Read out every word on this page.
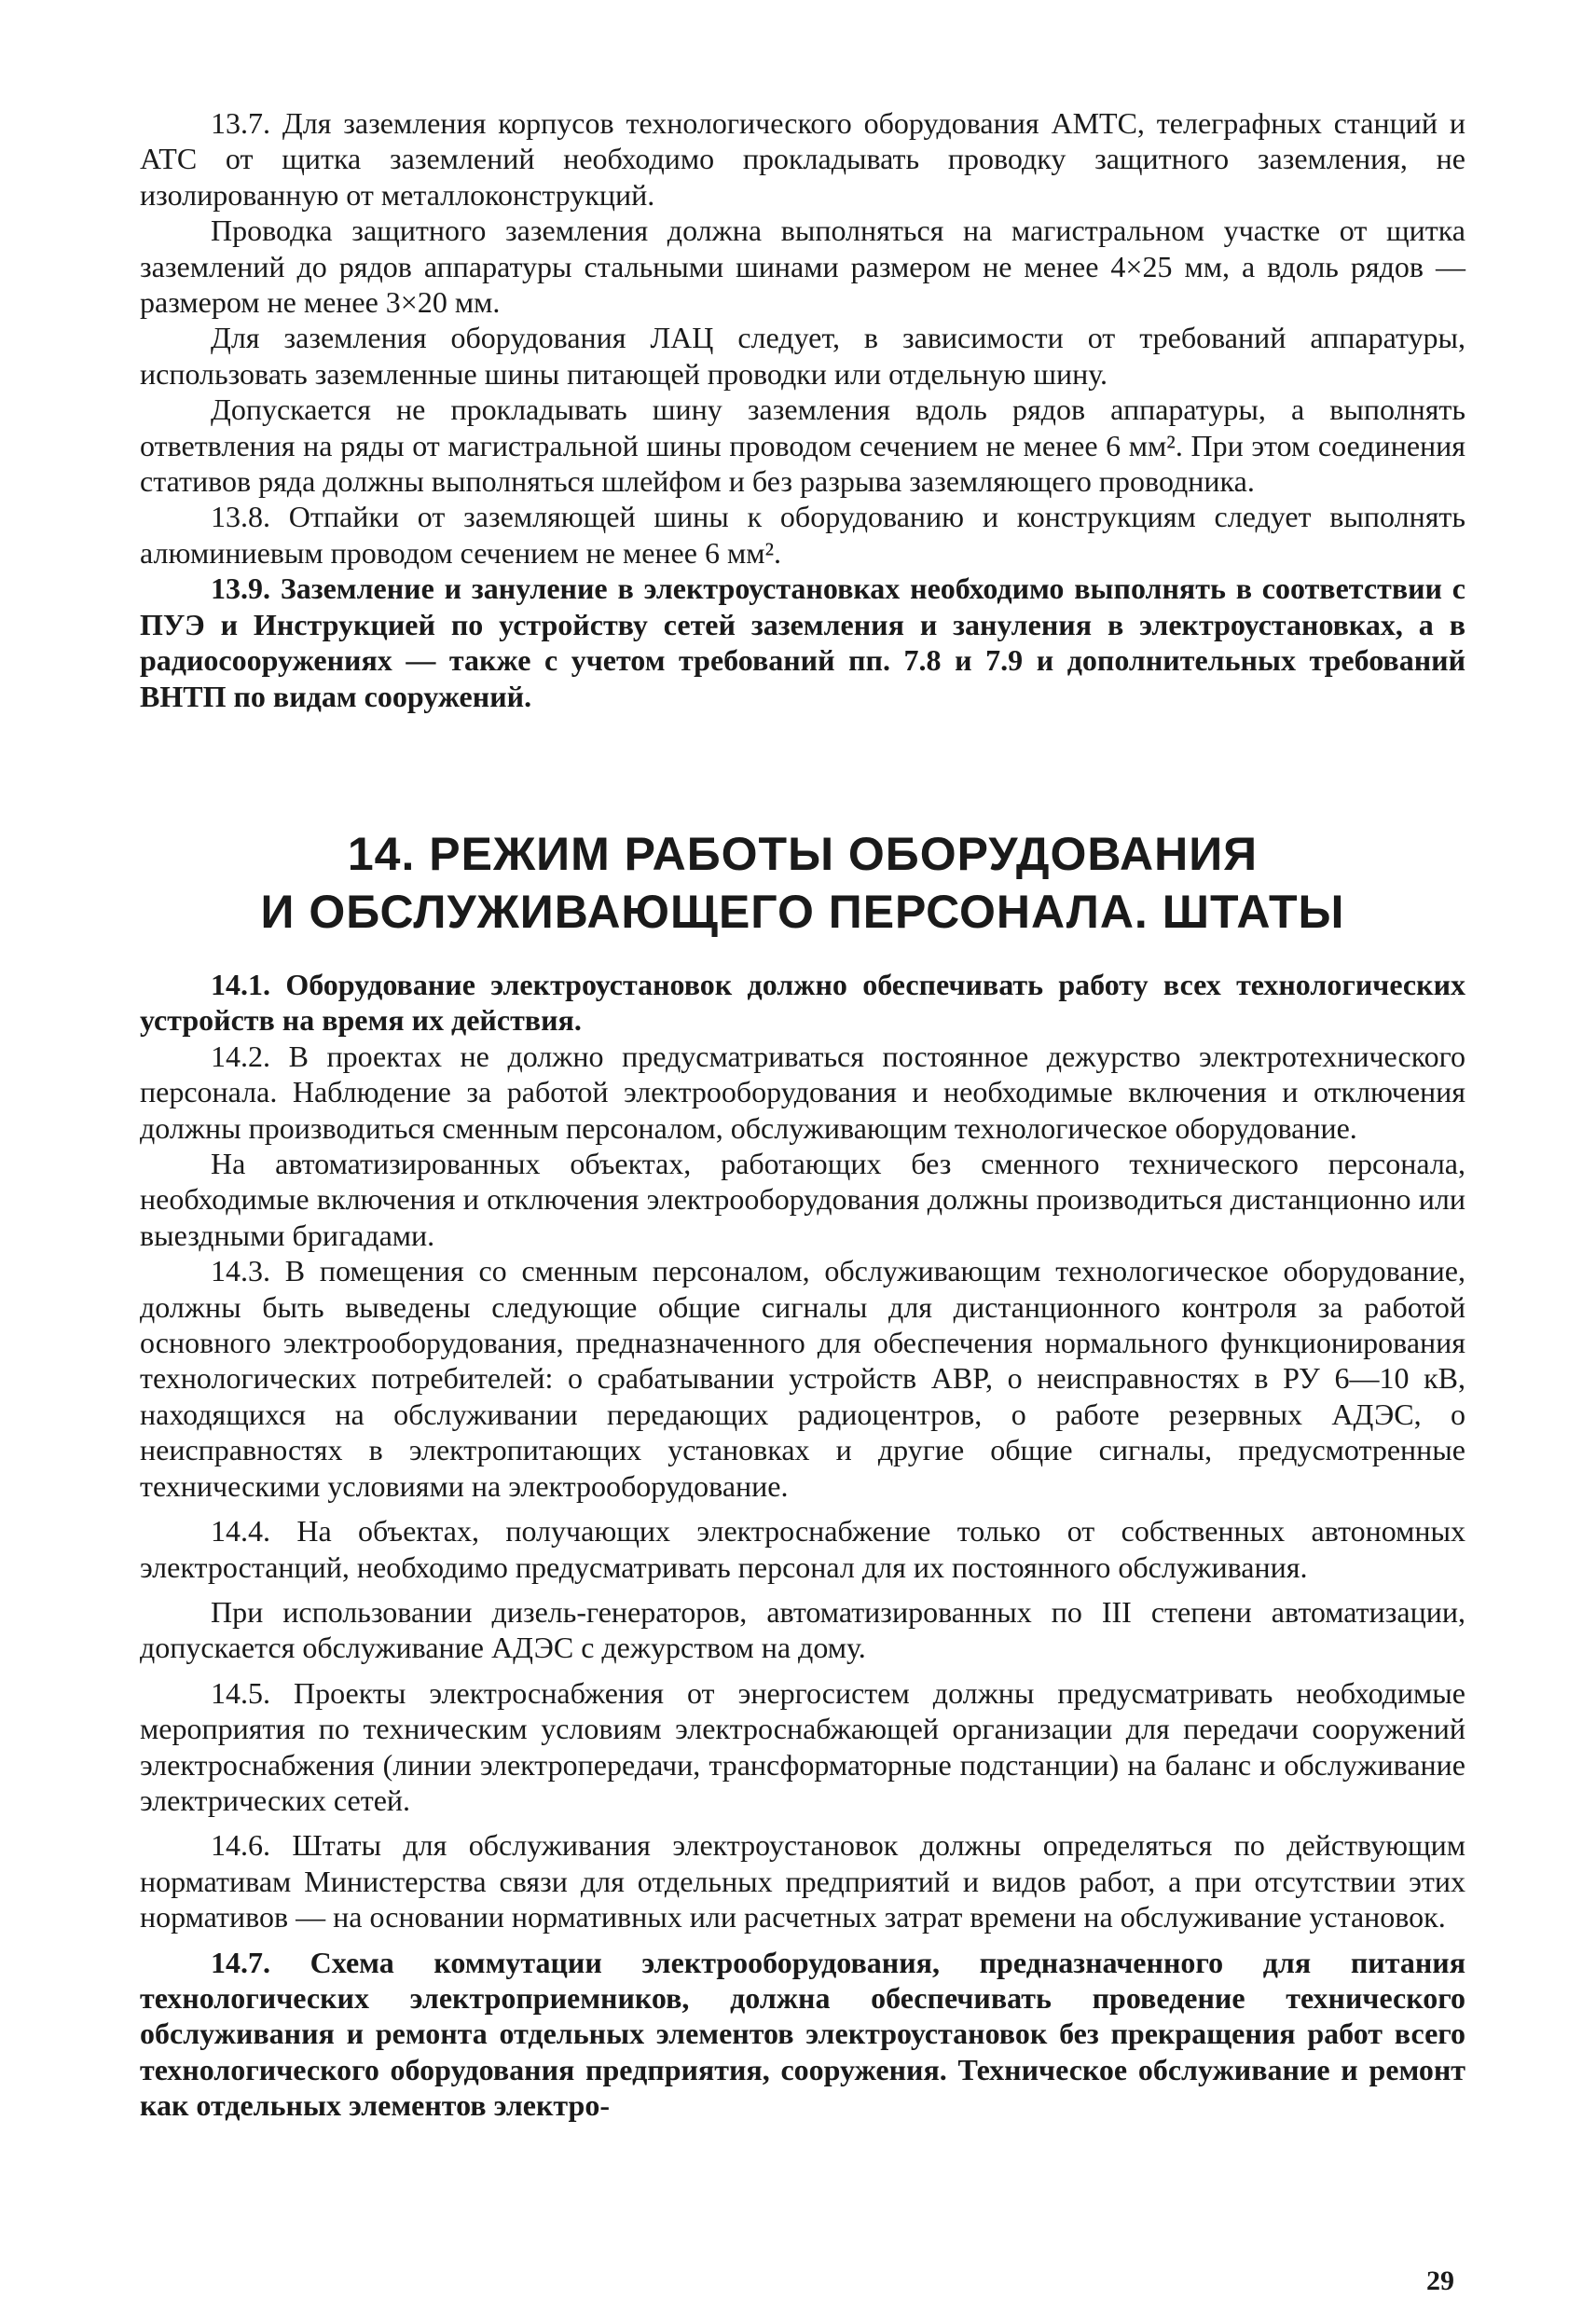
13.7. Для заземления корпусов технологического оборудования АМТС, телеграфных станций и АТС от щитка заземлений необходимо прокладывать проводку защитного заземления, не изолированную от металлоконструкций.

Проводка защитного заземления должна выполняться на магистральном участке от щитка заземлений до рядов аппаратуры стальными шинами размером не менее 4×25 мм, а вдоль рядов — размером не менее 3×20 мм.

Для заземления оборудования ЛАЦ следует, в зависимости от требований аппаратуры, использовать заземленные шины питающей проводки или отдельную шину.

Допускается не прокладывать шину заземления вдоль рядов аппаратуры, а выполнять ответвления на ряды от магистральной шины проводом сечением не менее 6 мм². При этом соединения стативов ряда должны выполняться шлейфом и без разрыва заземляющего проводника.

13.8. Отпайки от заземляющей шины к оборудованию и конструкциям следует выполнять алюминиевым проводом сечением не менее 6 мм².

13.9. Заземление и зануление в электроустановках необходимо выполнять в соответствии с ПУЭ и Инструкцией по устройству сетей заземления и зануления в электроустановках, а в радиосооружениях — также с учетом требований пп. 7.8 и 7.9 и дополнительных требований ВНТП по видам сооружений.

14. РЕЖИМ РАБОТЫ ОБОРУДОВАНИЯ
И ОБСЛУЖИВАЮЩЕГО ПЕРСОНАЛА. ШТАТЫ

14.1. Оборудование электроустановок должно обеспечивать работу всех технологических устройств на время их действия.

14.2. В проектах не должно предусматриваться постоянное дежурство электротехнического персонала. Наблюдение за работой электрооборудования и необходимые включения и отключения должны производиться сменным персоналом, обслуживающим технологическое оборудование.

На автоматизированных объектах, работающих без сменного технического персонала, необходимые включения и отключения электрооборудования должны производиться дистанционно или выездными бригадами.

14.3. В помещения со сменным персоналом, обслуживающим технологическое оборудование, должны быть выведены следующие общие сигналы для дистанционного контроля за работой основного электрооборудования, предназначенного для обеспечения нормального функционирования технологических потребителей: о срабатывании устройств АВР, о неисправностях в РУ 6—10 кВ, находящихся на обслуживании передающих радиоцентров, о работе резервных АДЭС, о неисправностях в электропитающих установках и другие общие сигналы, предусмотренные техническими условиями на электрооборудование.

14.4. На объектах, получающих электроснабжение только от собственных автономных электростанций, необходимо предусматривать персонал для их постоянного обслуживания.

При использовании дизель-генераторов, автоматизированных по III степени автоматизации, допускается обслуживание АДЭС с дежурством на дому.

14.5. Проекты электроснабжения от энергосистем должны предусматривать необходимые мероприятия по техническим условиям электроснабжающей организации для передачи сооружений электроснабжения (линии электропередачи, трансформаторные подстанции) на баланс и обслуживание электрических сетей.

14.6. Штаты для обслуживания электроустановок должны определяться по действующим нормативам Министерства связи для отдельных предприятий и видов работ, а при отсутствии этих нормативов — на основании нормативных или расчетных затрат времени на обслуживание установок.

14.7. Схема коммутации электрооборудования, предназначенного для питания технологических электроприемников, должна обеспечивать проведение технического обслуживания и ремонта отдельных элементов электроустановок без прекращения работ всего технологического оборудования предприятия, сооружения. Техническое обслуживание и ремонт как отдельных элементов электро-

29
